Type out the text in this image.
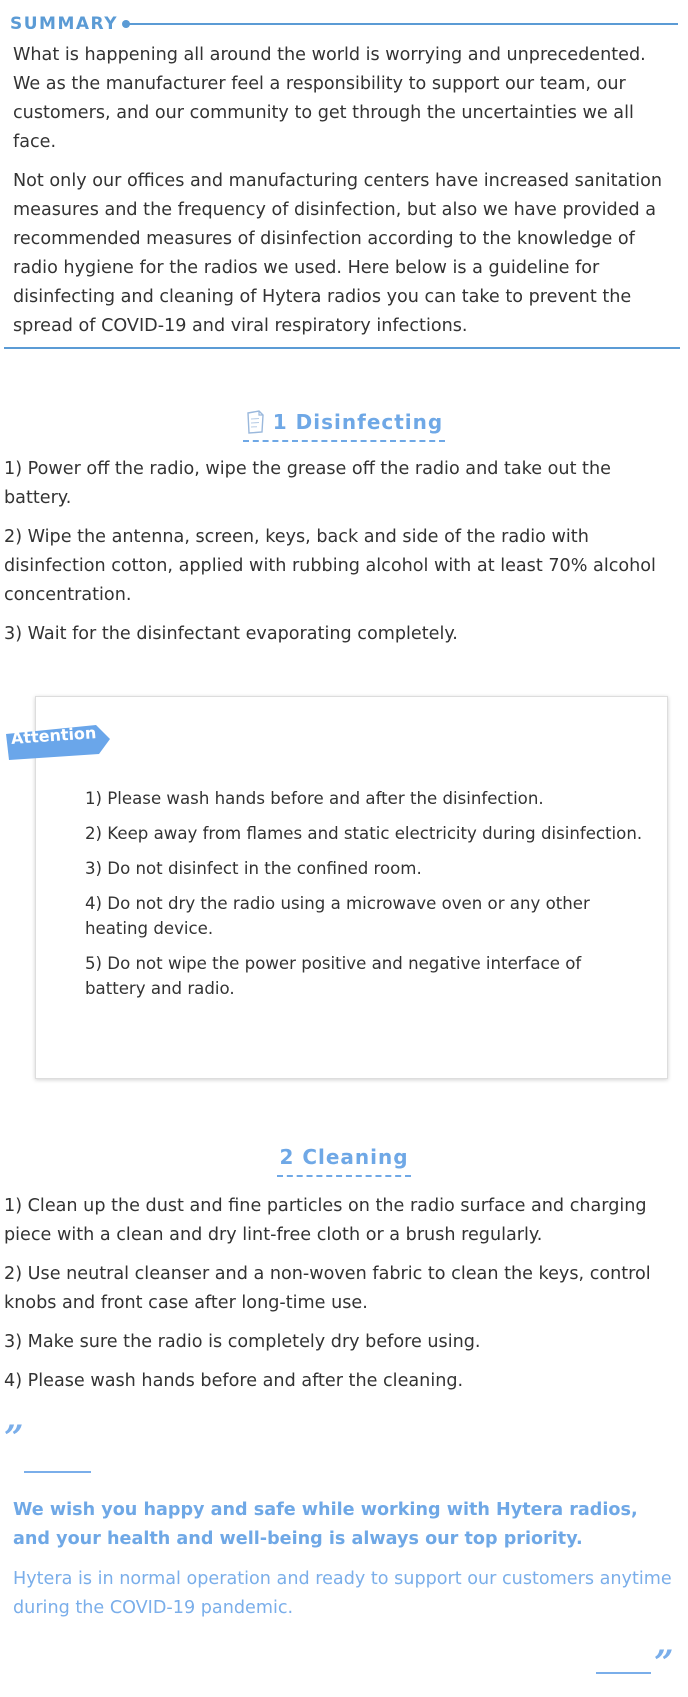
SUMMARY

What is happening all around the world is worrying and unprecedented. We as the manufacturer feel a responsibility to support our team, our customers, and our community to get through the uncertainties we all face.

Not only our offices and manufacturing centers have increased sanitation measures and the frequency of disinfection, but also we have provided a recommended measures of disinfection according to the knowledge of radio hygiene for the radios we used. Here below is a guideline for disinfecting and cleaning of Hytera radios you can take to prevent the spread of COVID-19 and viral respiratory infections.

1 Disinfecting
1) Power off the radio, wipe the grease off the radio and take out the battery.
2) Wipe the antenna, screen, keys, back and side of the radio with disinfection cotton, applied with rubbing alcohol with at least 70% alcohol concentration.
3) Wait for the disinfectant evaporating completely.
Attention
1) Please wash hands before and after the disinfection.
2) Keep away from flames and static electricity during disinfection.
3) Do not disinfect in the confined room.
4) Do not dry the radio using a microwave oven or any other heating device.
5) Do not wipe the power positive and negative interface of battery and radio.
2 Cleaning
1) Clean up the dust and fine particles on the radio surface and charging piece with a clean and dry lint-free cloth or a brush regularly.
2) Use neutral cleanser and a non-woven fabric to clean the keys, control knobs and front case after long-time use.
3) Make sure the radio is completely dry before using.
4) Please wash hands before and after the cleaning.
”
We wish you happy and safe while working with Hytera radios, and your health and well-being is always our top priority.
Hytera is in normal operation and ready to support our customers anytime during the COVID-19 pandemic.
”
